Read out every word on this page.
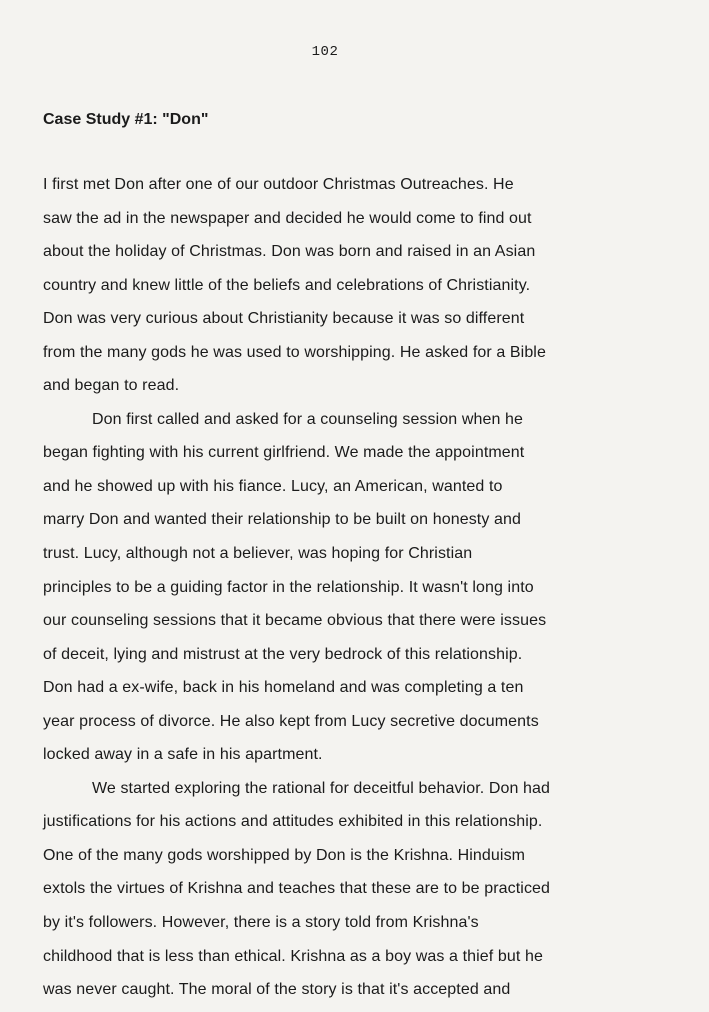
102
Case Study #1: "Don"
I first met Don after one of our outdoor Christmas Outreaches. He
saw the ad in the newspaper and decided he would come to find out
about the holiday of Christmas. Don was born and raised in an Asian
country and knew little of the beliefs and celebrations of Christianity.
Don was very curious about Christianity because it was so different
from the many gods he was used to worshipping. He asked for a Bible
and began to read.
Don first called and asked for a counseling session when he
began fighting with his current girlfriend. We made the appointment
and he showed up with his fiance. Lucy, an American, wanted to
marry Don and wanted their relationship to be built on honesty and
trust. Lucy, although not a believer, was hoping for Christian
principles to be a guiding factor in the relationship. It wasn't long into
our counseling sessions that it became obvious that there were issues
of deceit, lying and mistrust at the very bedrock of this relationship.
Don had a ex-wife, back in his homeland and was completing a ten
year process of divorce. He also kept from Lucy secretive documents
locked away in a safe in his apartment.
We started exploring the rational for deceitful behavior. Don had
justifications for his actions and attitudes exhibited in this relationship.
One of the many gods worshipped by Don is the Krishna. Hinduism
extols the virtues of Krishna and teaches that these are to be practiced
by it's followers. However, there is a story told from Krishna's
childhood that is less than ethical. Krishna as a boy was a thief but he
was never caught. The moral of the story is that it's accepted and
